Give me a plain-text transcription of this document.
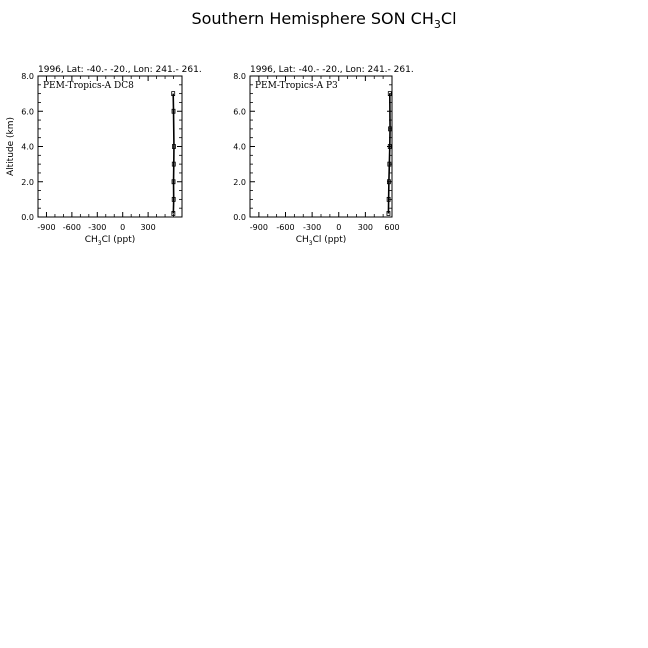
Southern Hemisphere SON $CH_3Cl$
1996, Lat: -40.- -20., Lon: 241.- 261.
PEM-Tropics-A DC8
-900 -600 -300 0 300
0.0
2.0
4.0
6.0
8.0
$CH_3Cl$ (ppt)
Altitude (km)
1996, Lat: -40.- -20., Lon: 241.- 261.
PEM-Tropics-A P3
-900 -600 -300 0 300 600
0.0
2.0
4.0
6.0
8.0
$CH_3Cl$ (ppt)
